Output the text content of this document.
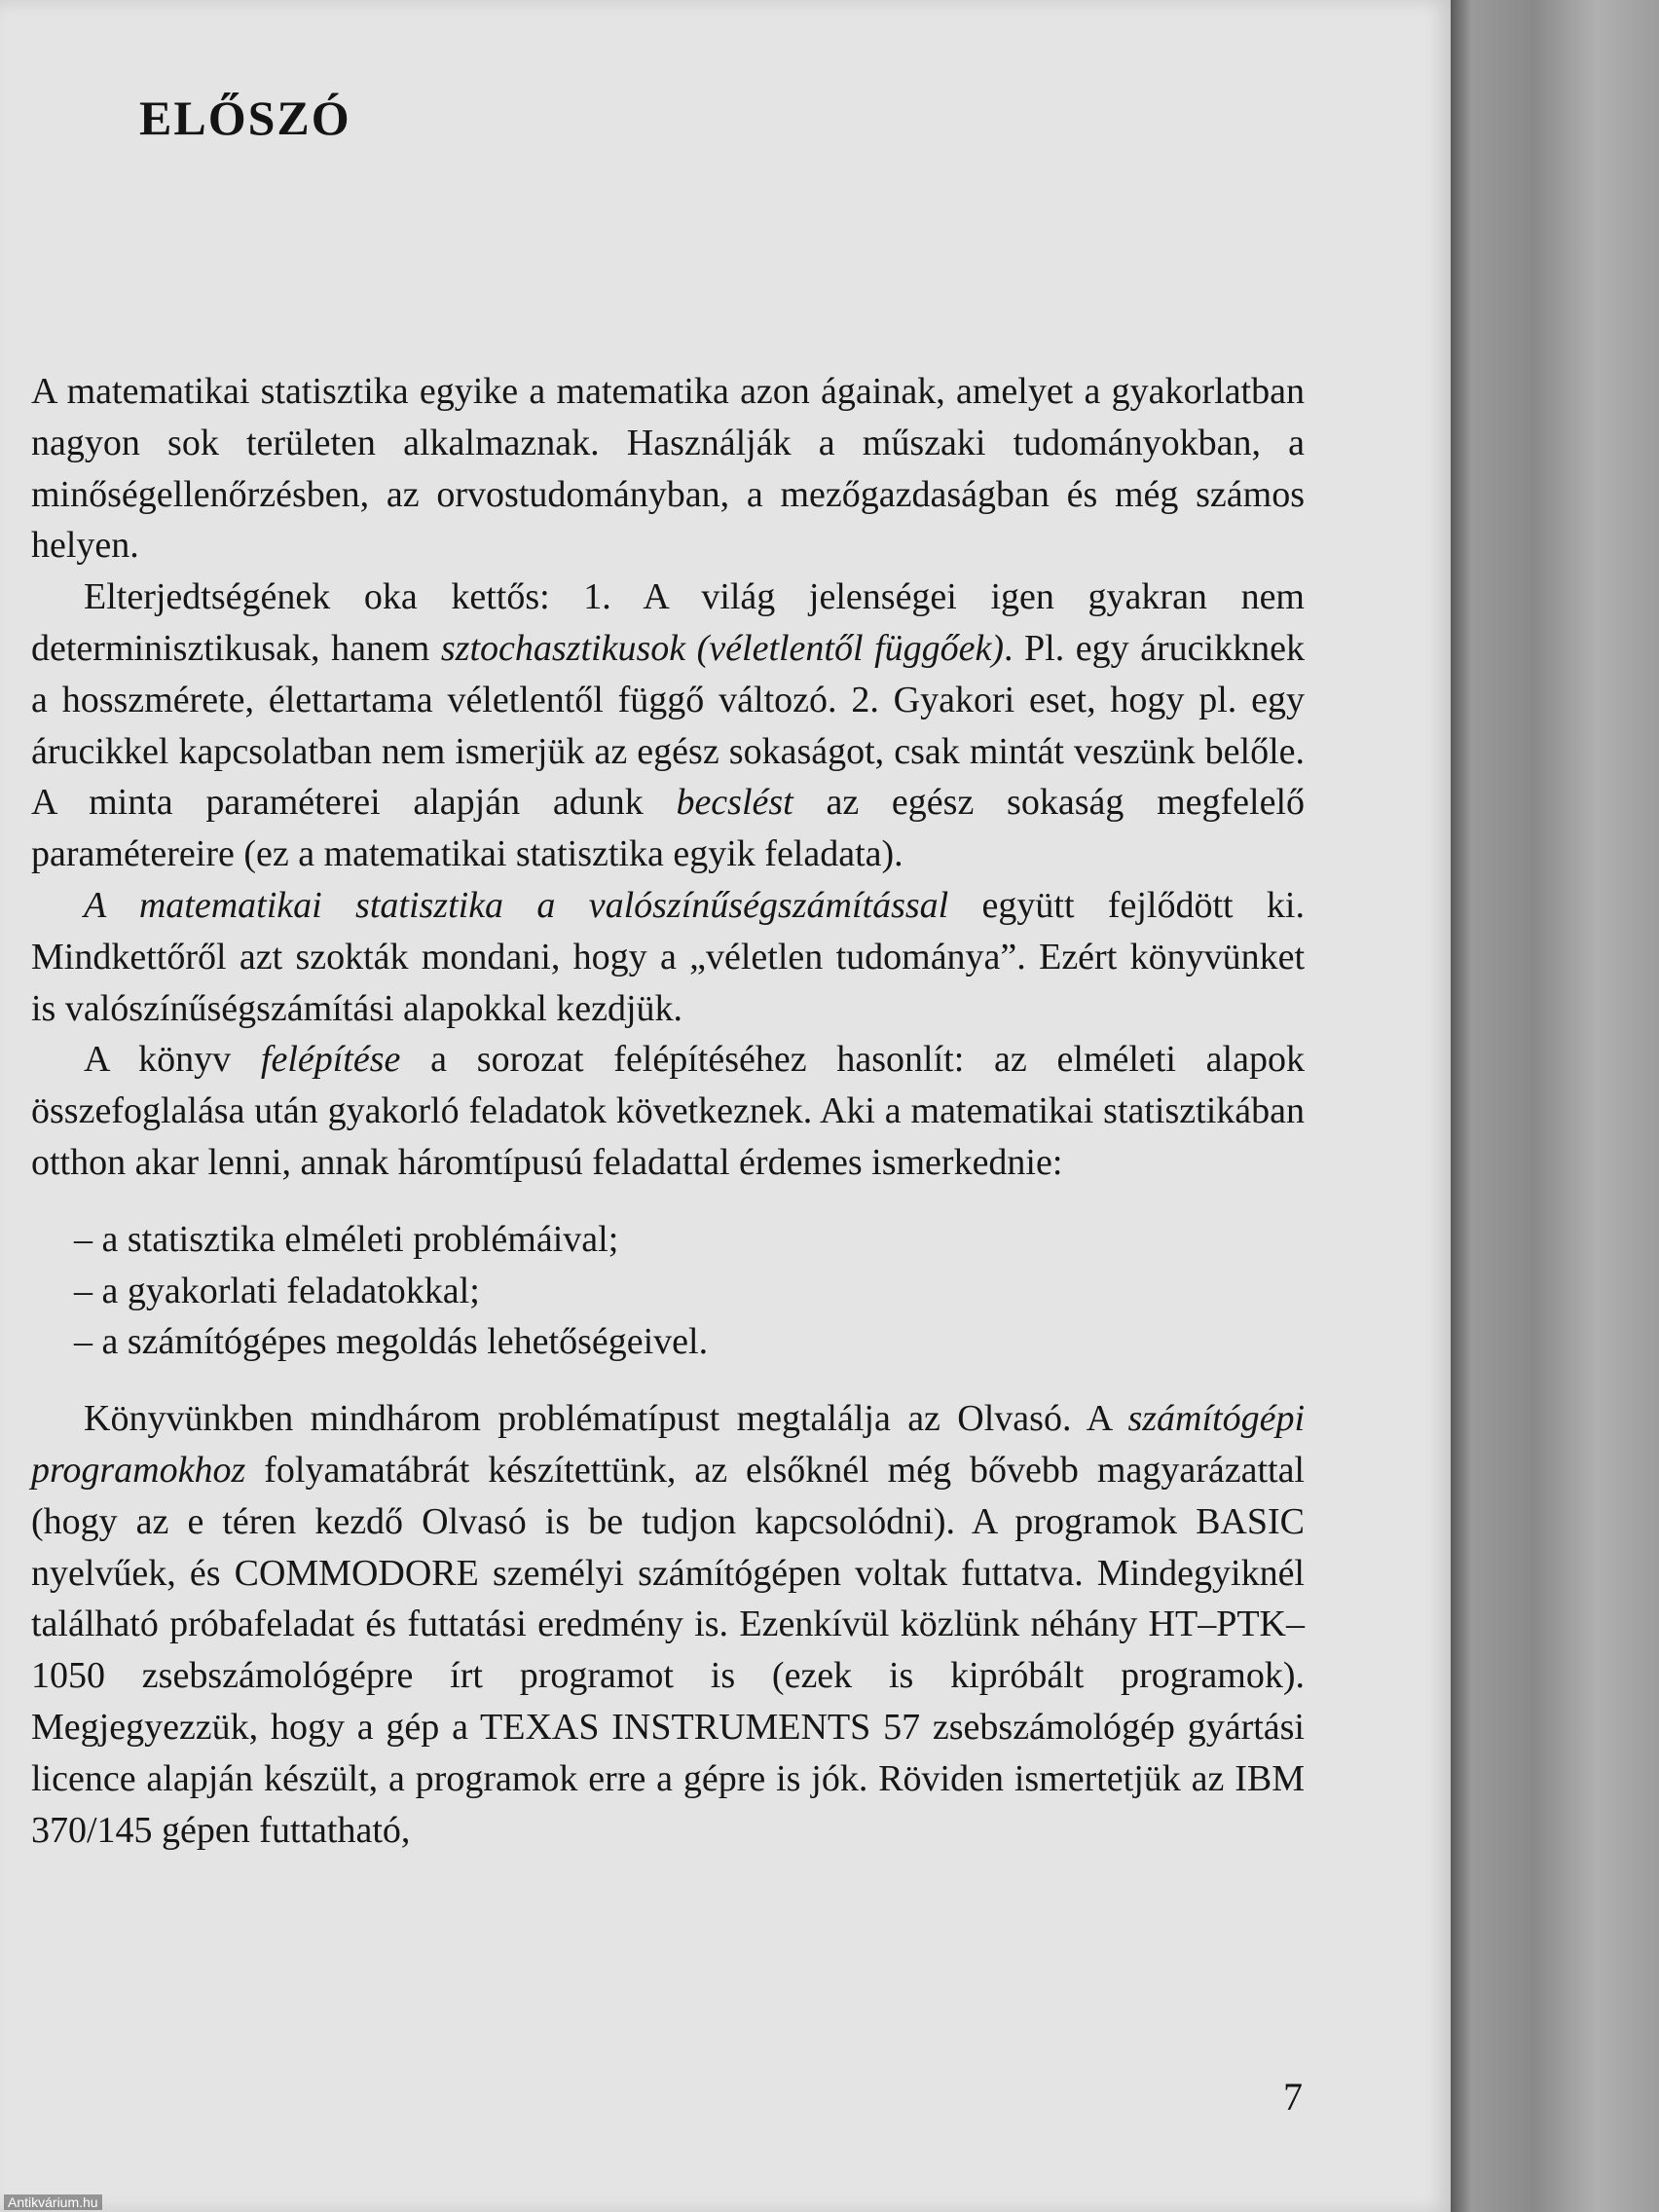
ELŐSZÓ

A matematikai statisztika egyike a matematika azon ágainak, amelyet a gyakorlatban nagyon sok területen alkalmaznak. Használják a műszaki tudományokban, a minőségellenőrzésben, az orvostudományban, a mezőgazdaságban és még számos helyen.

Elterjedtségének oka kettős: 1. A világ jelenségei igen gyakran nem determinisztikusak, hanem sztochasztikusok (véletlentől függőek). Pl. egy árucikknek a hosszmérete, élettartama véletlentől függő változó. 2. Gyakori eset, hogy pl. egy árucikkel kapcsolatban nem ismerjük az egész sokaságot, csak mintát veszünk belőle. A minta paraméterei alapján adunk becslést az egész sokaság megfelelő paramétereire (ez a matematikai statisztika egyik feladata).

A matematikai statisztika a valószínűségszámítással együtt fejlődött ki. Mindkettőről azt szokták mondani, hogy a „véletlen tudománya”. Ezért könyvünket is valószínűségszámítási alapokkal kezdjük.

A könyv felépítése a sorozat felépítéséhez hasonlít: az elméleti alapok összefoglalása után gyakorló feladatok következnek. Aki a matematikai statisztikában otthon akar lenni, annak háromtípusú feladattal érdemes ismerkednie:

– a statisztika elméleti problémáival;
– a gyakorlati feladatokkal;
– a számítógépes megoldás lehetőségeivel.

Könyvünkben mindhárom problématípust megtalálja az Olvasó. A számítógépi programokhoz folyamatábrát készítettünk, az elsőknél még bővebb magyarázattal (hogy az e téren kezdő Olvasó is be tudjon kapcsolódni). A programok BASIC nyelvűek, és COMMODORE személyi számítógépen voltak futtatva. Mindegyiknél található próbafeladat és futtatási eredmény is. Ezenkívül közlünk néhány HT–PTK–1050 zsebszámológépre írt programot is (ezek is kipróbált programok). Megjegyezzük, hogy a gép a TEXAS INSTRUMENTS 57 zsebszámológép gyártási licence alapján készült, a programok erre a gépre is jók. Röviden ismertetjük az IBM 370/145 gépen futtatható,

7
Antikvárium.hu
